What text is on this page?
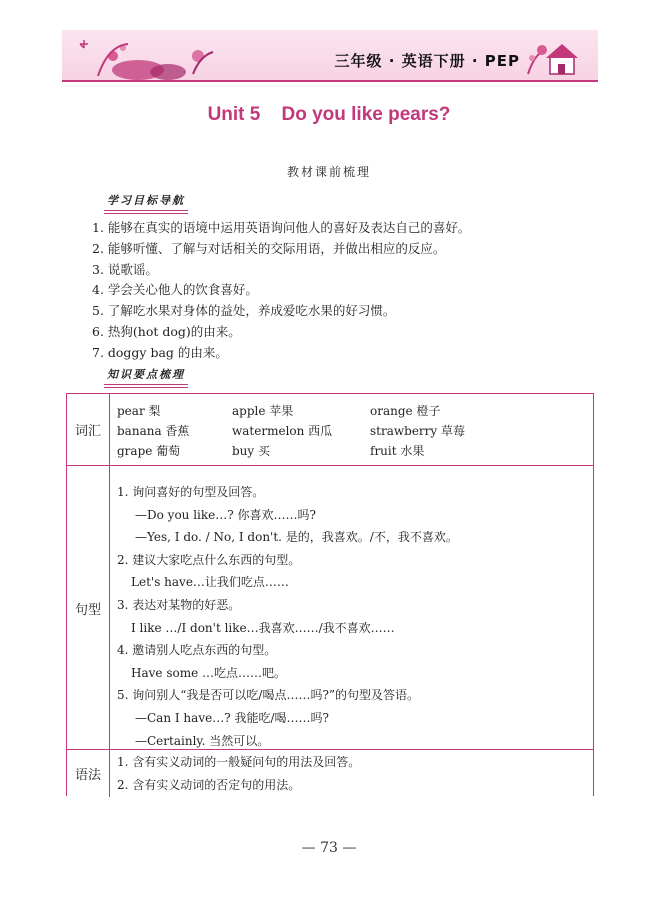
三年级 · 英语下册 · PEP
Unit 5    Do you like pears?
教材课前梳理
学习目标导航
1. 能够在真实的语境中运用英语询问他人的喜好及表达自己的喜好。
2. 能够听懂、了解与对话相关的交际用语，并做出相应的反应。
3. 说歌谣。
4. 学会关心他人的饮食喜好。
5. 了解吃水果对身体的益处，养成爱吃水果的好习惯。
6. 热狗(hot dog)的由来。
7. doggy bag 的由来。
知识要点梳理
词汇
pear 梨	apple 苹果	orange 橙子
banana 香蕉	watermelon 西瓜	strawberry 草莓
grape 葡萄	buy 买	fruit 水果
句型
1. 询问喜好的句型及回答。
—Do you like…? 你喜欢……吗?
—Yes, I do. / No, I don't. 是的，我喜欢。/不，我不喜欢。
2. 建议大家吃点什么东西的句型。
Let's have…让我们吃点……
3. 表达对某物的好恶。
I like …/I don't like…我喜欢……/我不喜欢……
4. 邀请别人吃点东西的句型。
Have some …吃点……吧。
5. 询问别人“我是否可以吃/喝点……吗?”的句型及答语。
—Can I have…? 我能吃/喝……吗?
—Certainly. 当然可以。
语法
1. 含有实义动词的一般疑问句的用法及回答。
2. 含有实义动词的否定句的用法。
— 73 —
